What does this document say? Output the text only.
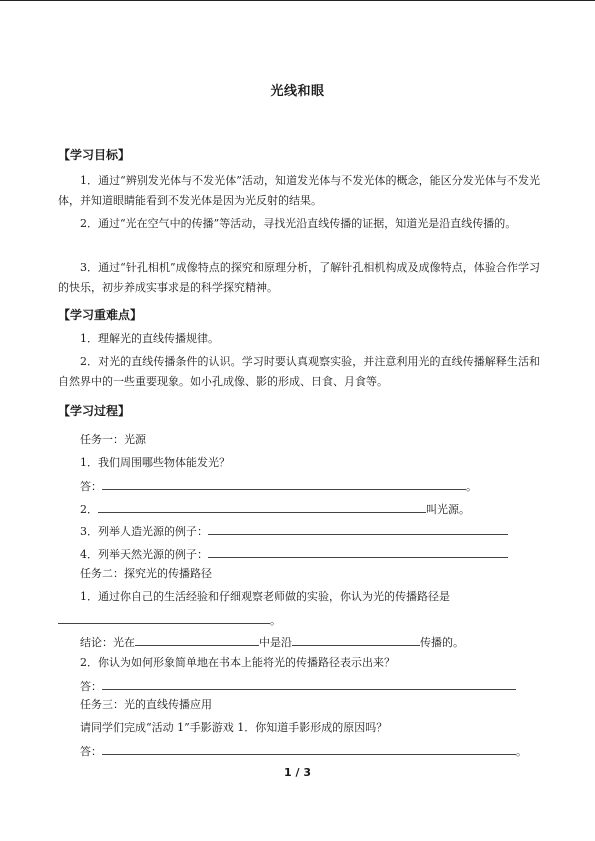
光线和眼
【学习目标】
1．通过“辨别发光体与不发光体”活动，知道发光体与不发光体的概念，能区分发光体与不发光体，并知道眼睛能看到不发光体是因为光反射的结果。
2．通过“光在空气中的传播”等活动，寻找光沿直线传播的证据，知道光是沿直线传播的。
3．通过“针孔相机”成像特点的探究和原理分析，了解针孔相机构成及成像特点，体验合作学习的快乐，初步养成实事求是的科学探究精神。
【学习重难点】
1．理解光的直线传播规律。
2．对光的直线传播条件的认识。学习时要认真观察实验，并注意利用光的直线传播解释生活和自然界中的一些重要现象。如小孔成像、影的形成、日食、月食等。
【学习过程】
任务一：光源
1．我们周围哪些物体能发光？
答：	。
2．	叫光源。
3．列举人造光源的例子：
4．列举天然光源的例子：
任务二：探究光的传播路径
1．通过你自己的生活经验和仔细观察老师做的实验，你认为光的传播路径是
。
结论：光在	中是沿	传播的。
2．你认为如何形象简单地在书本上能将光的传播路径表示出来？
答：
任务三：光的直线传播应用
请同学们完成“活动 1”手影游戏 1．你知道手影形成的原因吗？
答：	。
1 / 3
